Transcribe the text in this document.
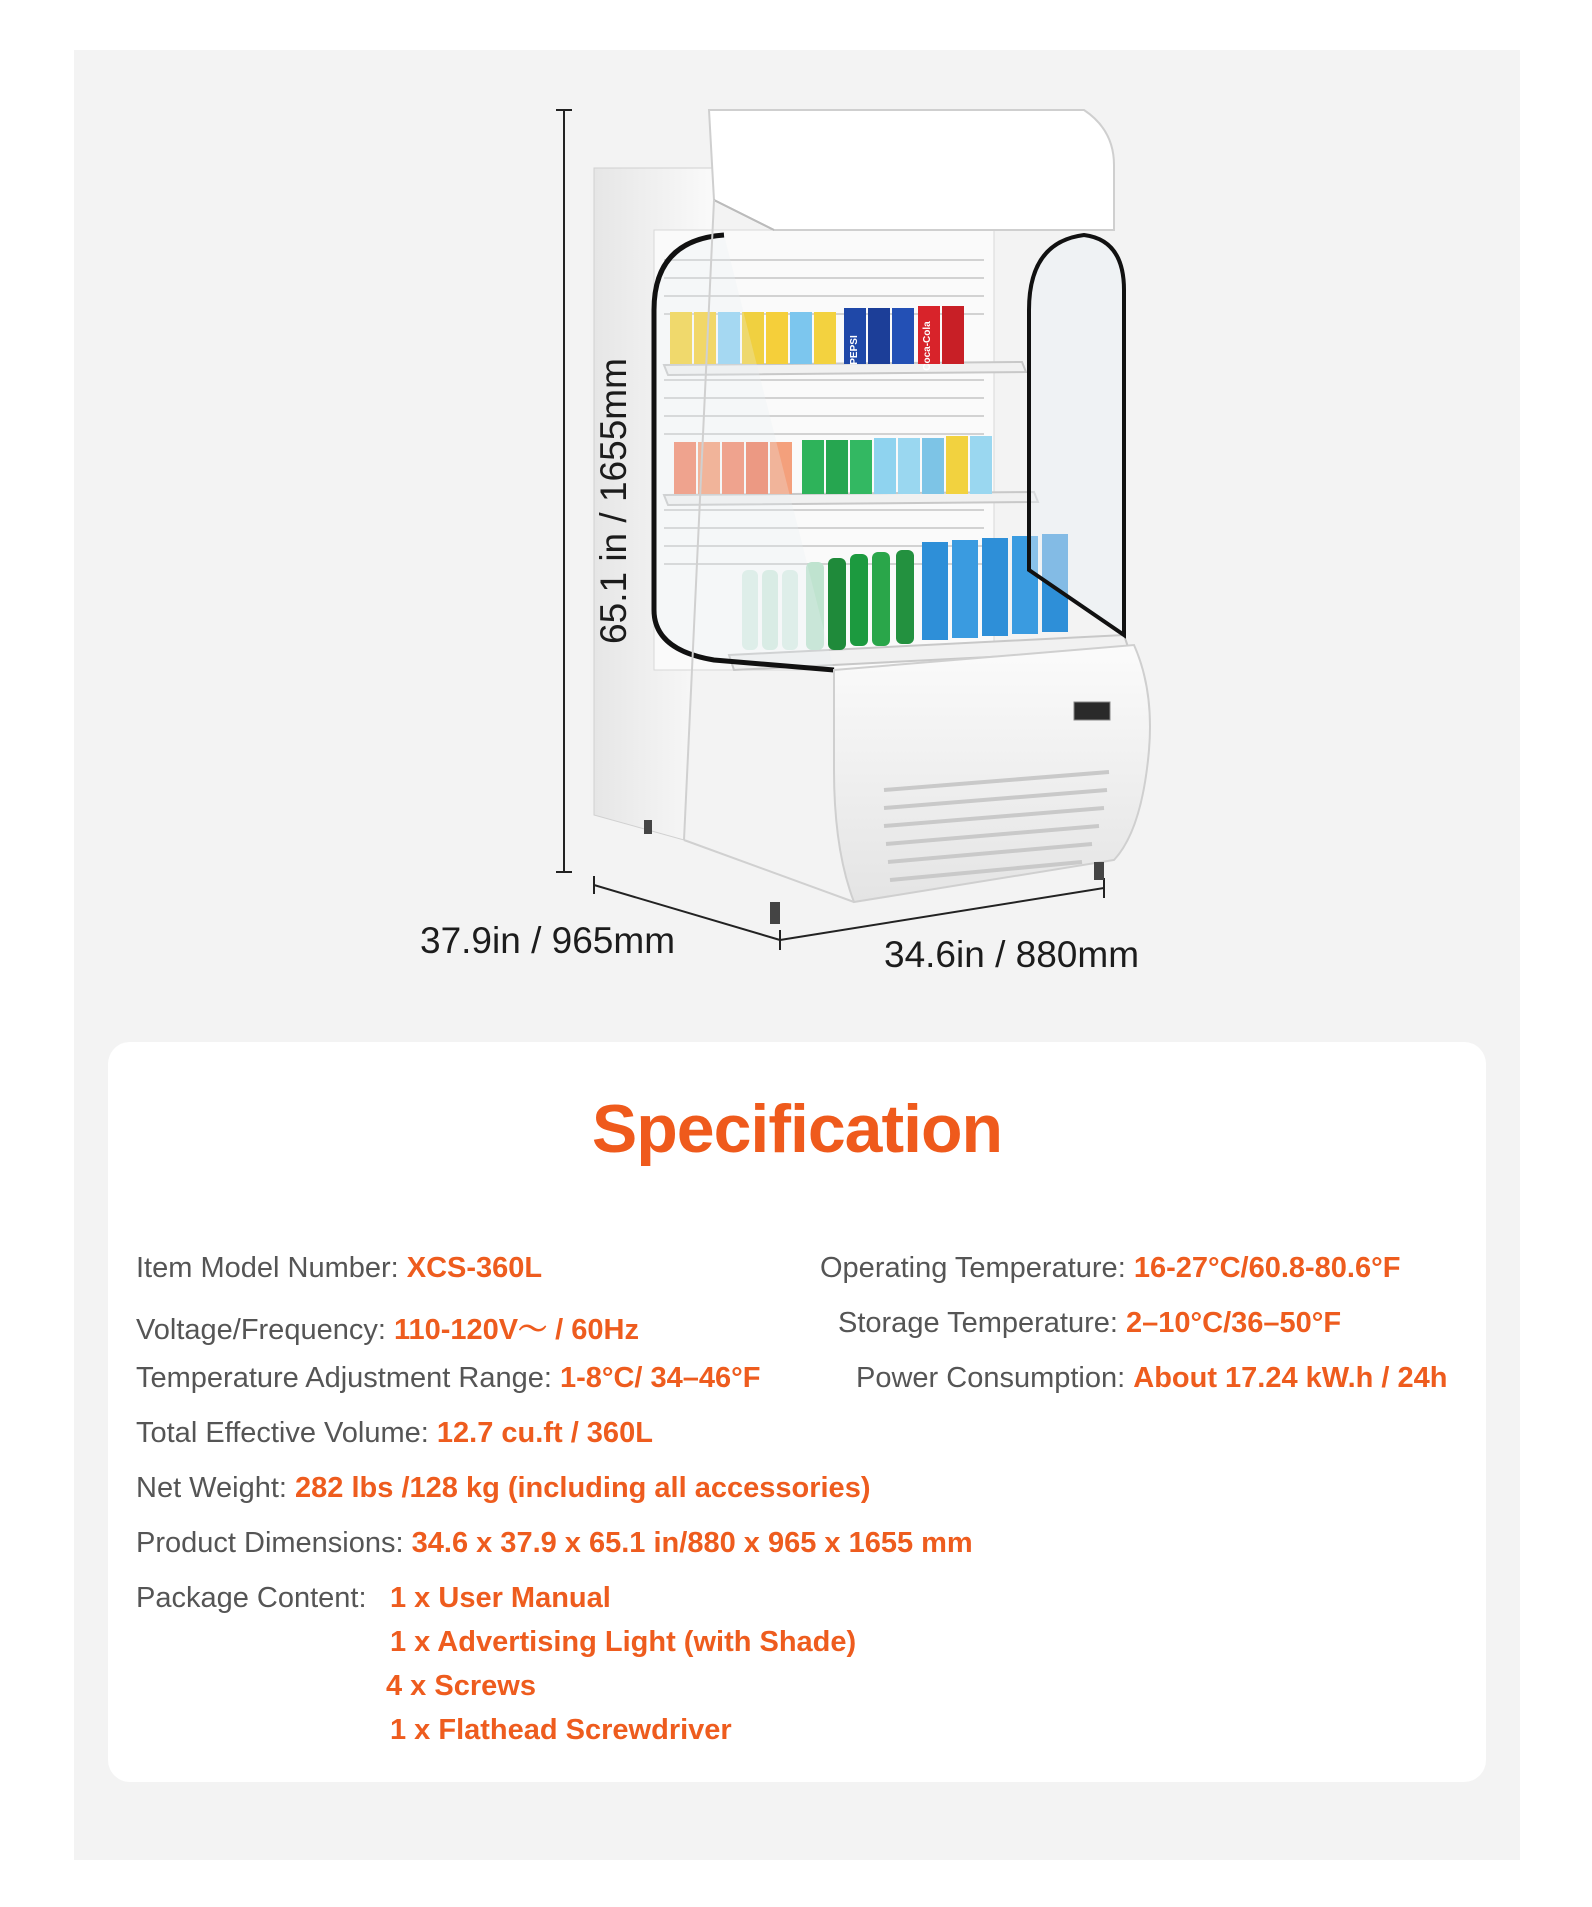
PEPSI	Coca-Cola
65.1 in / 1655mm
37.9in / 965mm	34.6in / 880mm
Specification
Item Model Number: XCS-360L	Operating Temperature: 16-27°C/60.8-80.6°F
Voltage/Frequency: 110-120V～ / 60Hz	Storage Temperature: 2–10°C/36–50°F
Temperature Adjustment Range: 1-8°C/ 34–46°F	Power Consumption: About 17.24 kW.h / 24h
Total Effective Volume: 12.7 cu.ft / 360L
Net Weight: 282 lbs /128 kg (including all accessories)
Product Dimensions: 34.6 x 37.9 x 65.1 in/880 x 965 x 1655 mm
Package Content: 1 x User Manual
1 x Advertising Light (with Shade)
4 x Screws
1 x Flathead Screwdriver
